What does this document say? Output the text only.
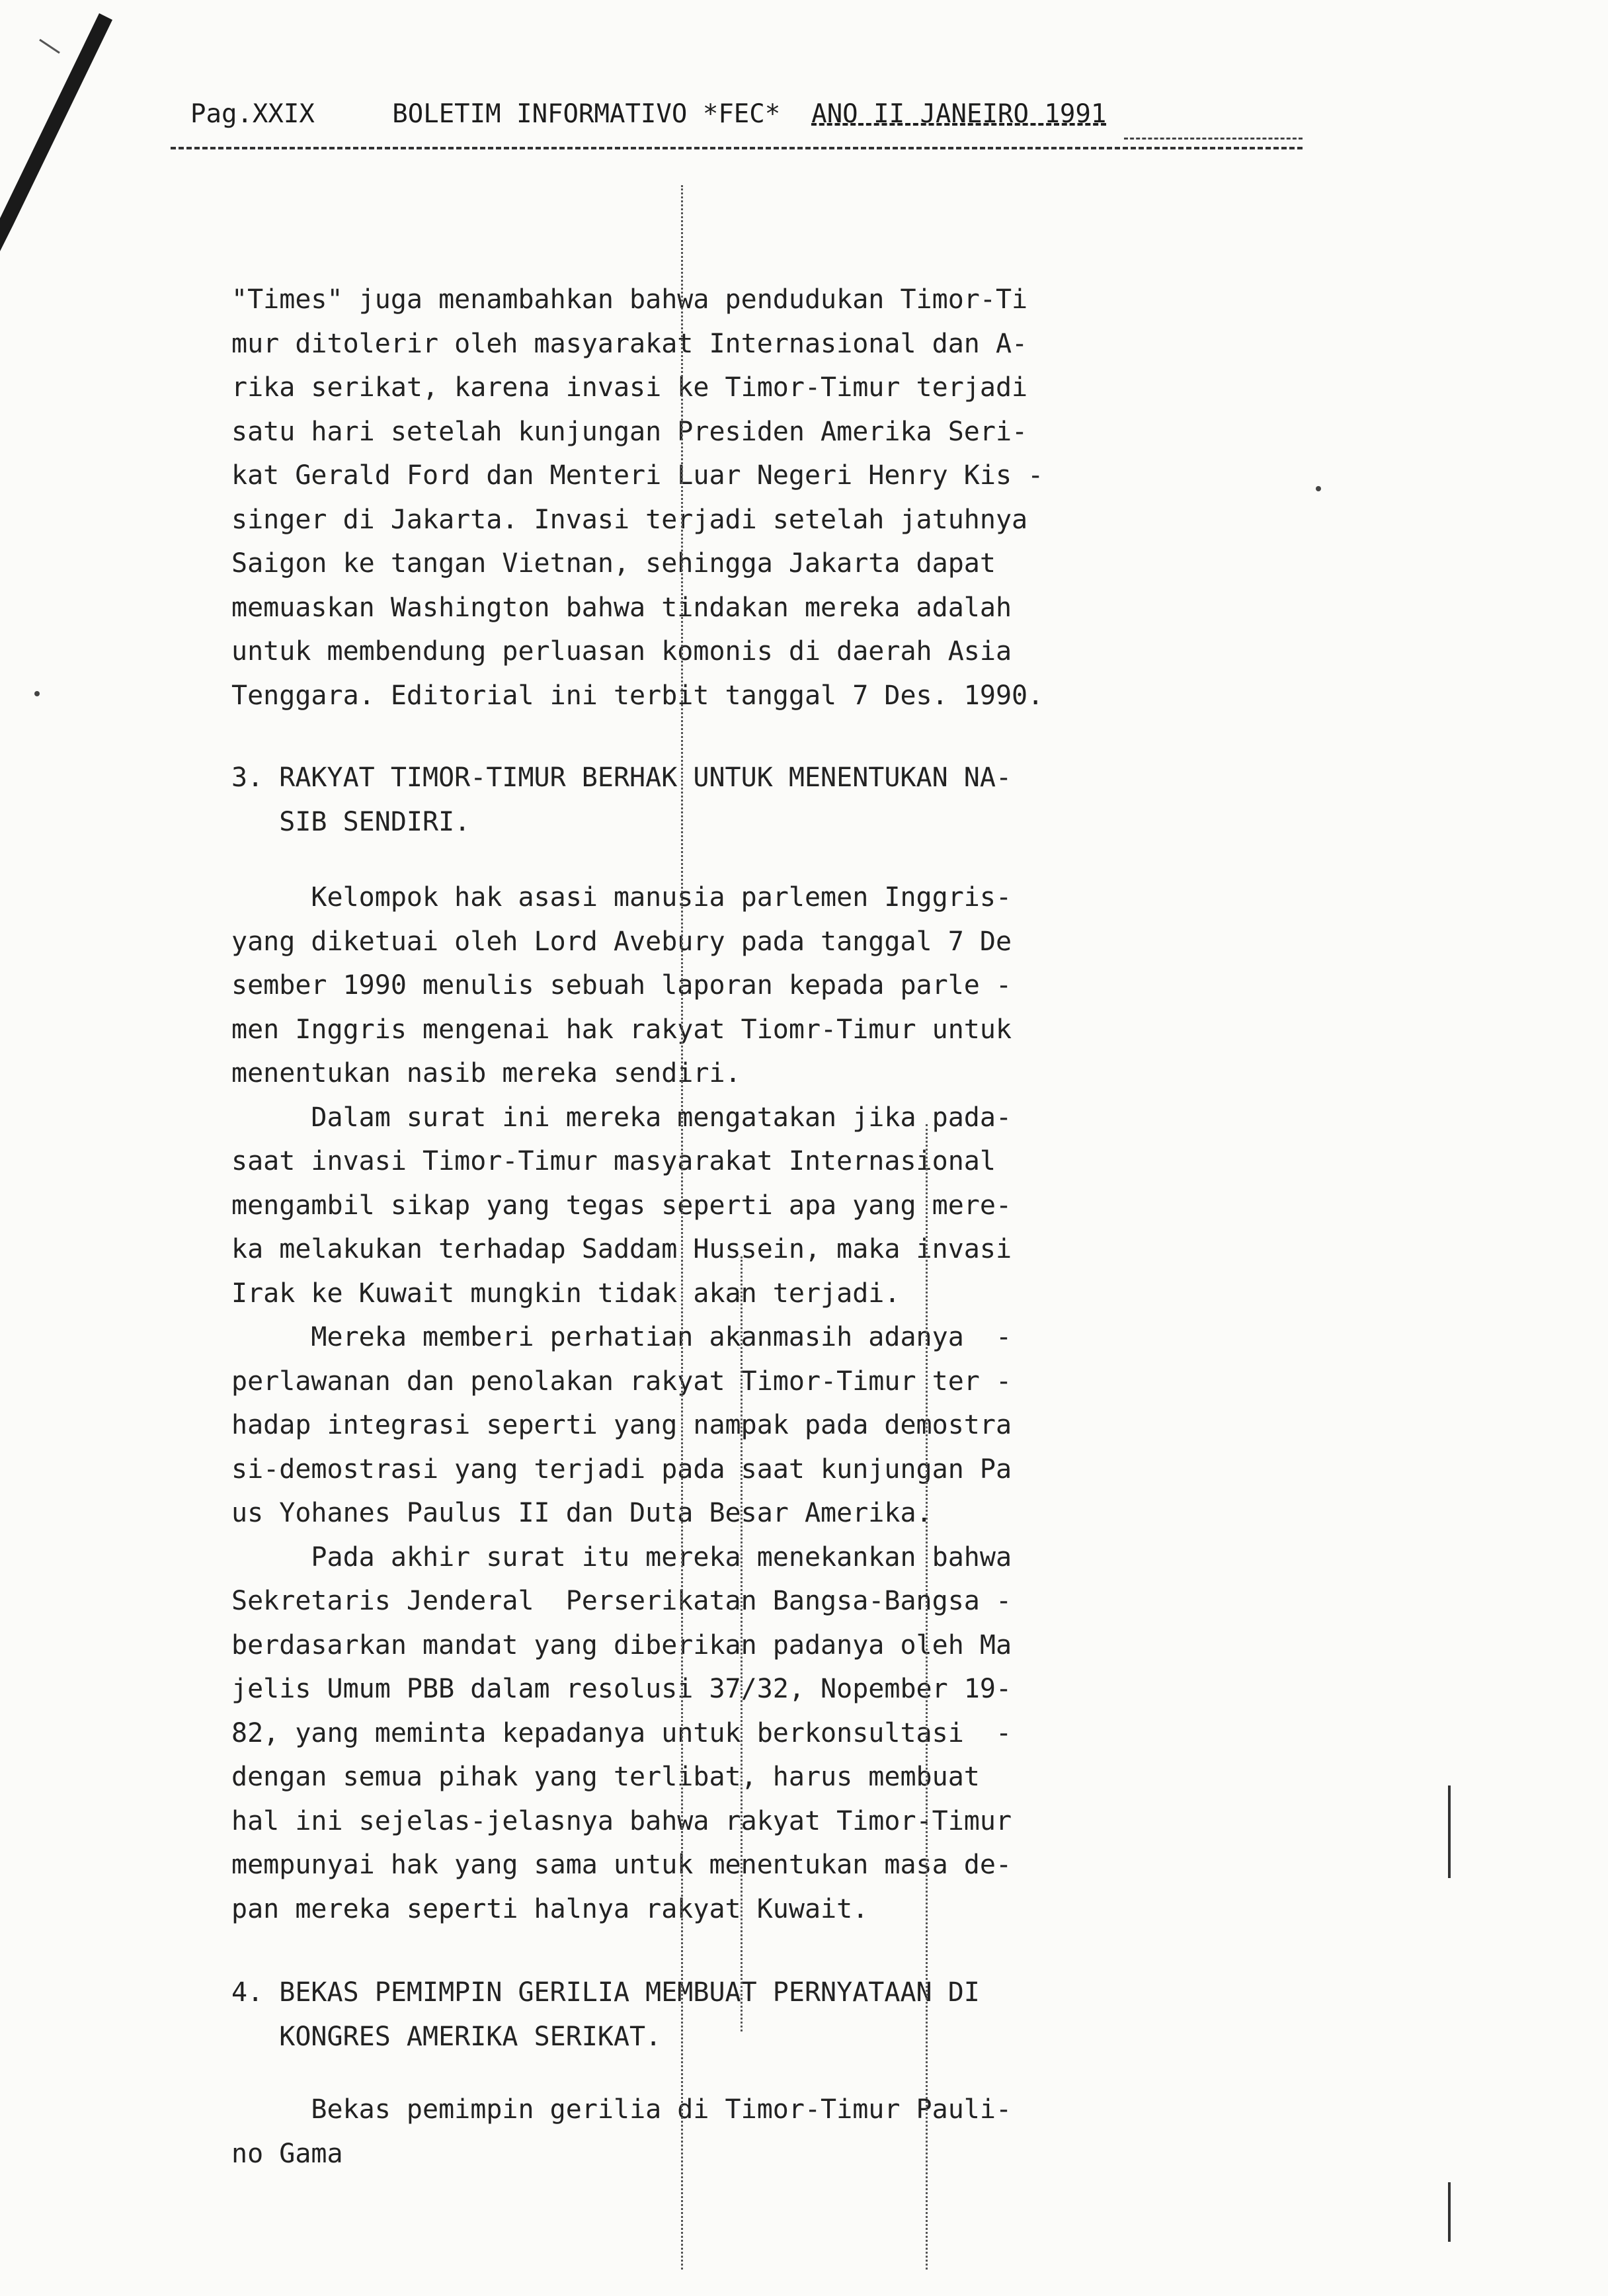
Pag.XXIX	BOLETIM INFORMATIVO *FEC* ANO II JANEIRO 1991

"Times" juga menambahkan bahwa pendudukan Timor-Ti

mur ditolerir oleh masyarakat Internasional dan A-

rika serikat, karena invasi ke Timor-Timur terjadi

satu hari setelah kunjungan Presiden Amerika Seri-

kat Gerald Ford dan Menteri Luar Negeri Henry Kis -

singer di Jakarta. Invasi terjadi setelah jatuhnya

Saigon ke tangan Vietnan, sehingga Jakarta dapat

memuaskan Washington bahwa tindakan mereka adalah

untuk membendung perluasan komonis di daerah Asia

Tenggara. Editorial ini terbit tanggal 7 Des. 1990.

3. RAKYAT TIMOR-TIMUR BERHAK UNTUK MENENTUKAN NA-

SIB SENDIRI.

Kelompok hak asasi manusia parlemen Inggris-

yang diketuai oleh Lord Avebury pada tanggal 7 De

sember 1990 menulis sebuah laporan kepada parle -

men Inggris mengenai hak rakyat Tiomr-Timur untuk

menentukan nasib mereka sendiri.

Dalam surat ini mereka mengatakan jika pada-

saat invasi Timor-Timur masyarakat Internasional

mengambil sikap yang tegas seperti apa yang mere-

ka melakukan terhadap Saddam Hussein, maka invasi

Irak ke Kuwait mungkin tidak akan terjadi.

Mereka memberi perhatian akanmasih adanya  -

perlawanan dan penolakan rakyat Timor-Timur ter -

hadap integrasi seperti yang nampak pada demostra

si-demostrasi yang terjadi pada saat kunjungan Pa

us Yohanes Paulus II dan Duta Besar Amerika.

Pada akhir surat itu mereka menekankan bahwa

Sekretaris Jenderal  Perserikatan Bangsa-Bangsa -

berdasarkan mandat yang diberikan padanya oleh Ma

jelis Umum PBB dalam resolusi 37/32, Nopember 19-

82, yang meminta kepadanya untuk berkonsultasi  -

dengan semua pihak yang terlibat, harus membuat

hal ini sejelas-jelasnya bahwa rakyat Timor-Timur

mempunyai hak yang sama untuk menentukan masa de-

pan mereka seperti halnya rakyat Kuwait.

4. BEKAS PEMIMPIN GERILIA MEMBUAT PERNYATAAN DI

KONGRES AMERIKA SERIKAT.

Bekas pemimpin gerilia di Timor-Timur Pauli-

no Gama
